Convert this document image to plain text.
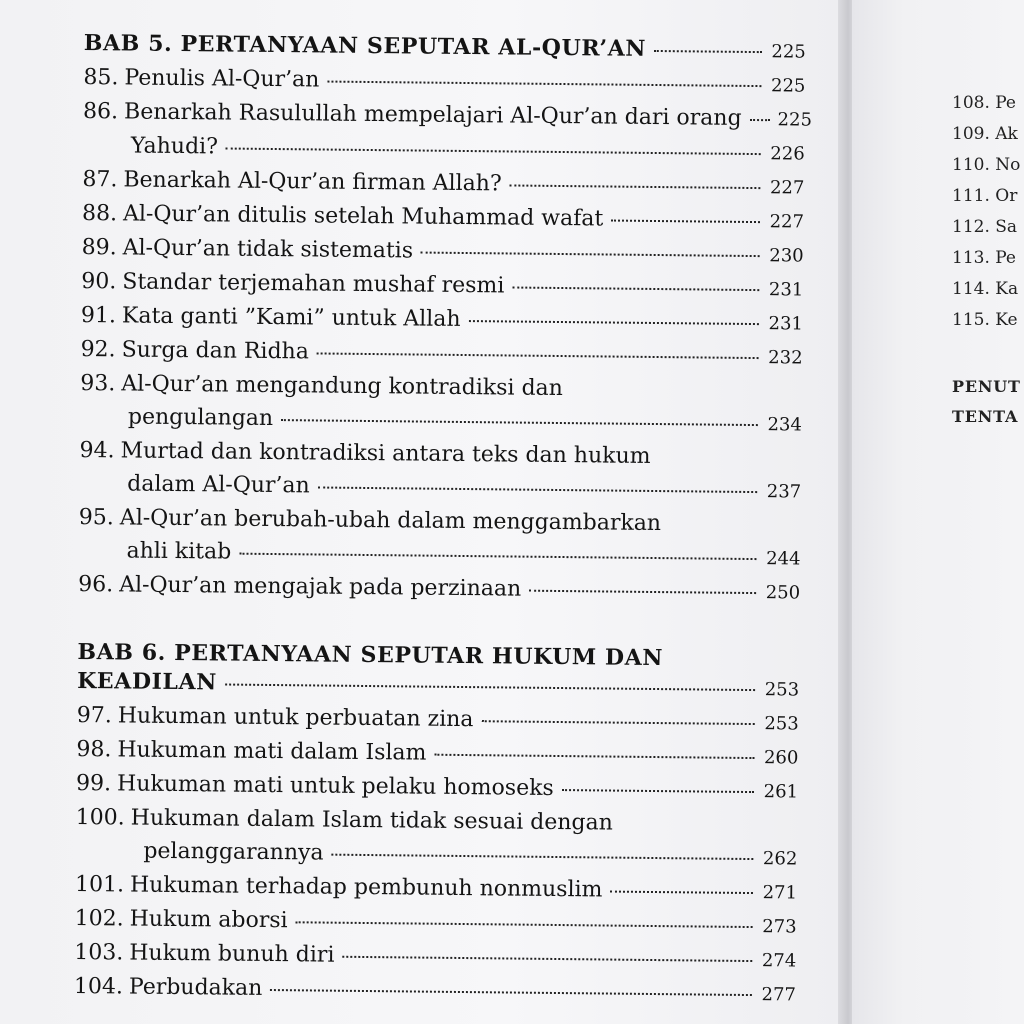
BAB 5. PERTANYAAN SEPUTAR AL-QUR’AN	225
85. Penulis Al-Qur’an	225
86. Benarkah Rasulullah mempelajari Al-Qur’an dari orang 225
Yahudi?	226
87. Benarkah Al-Qur’an firman Allah?	227
88. Al-Qur’an ditulis setelah Muhammad wafat	227
89. Al-Qur’an tidak sistematis	230
90. Standar terjemahan mushaf resmi	231
91. Kata ganti ”Kami” untuk Allah	231
92. Surga dan Ridha	232
93. Al-Qur’an mengandung kontradiksi dan
pengulangan	234
94. Murtad dan kontradiksi antara teks dan hukum
dalam Al-Qur’an	237
95. Al-Qur’an berubah-ubah dalam menggambarkan
ahli kitab	244
96. Al-Qur’an mengajak pada perzinaan	250
BAB 6. PERTANYAAN SEPUTAR HUKUM DAN
KEADILAN	253
97. Hukuman untuk perbuatan zina	253
98. Hukuman mati dalam Islam	260
99. Hukuman mati untuk pelaku homoseks	261
100. Hukuman dalam Islam tidak sesuai dengan
pelanggarannya	262
101. Hukuman terhadap pembunuh nonmuslim	271
102. Hukum aborsi	273
103. Hukum bunuh diri	274
104. Perbudakan	277
108. Pe
109. Ak
110. No
111. Or
112. Sa
113. Pe
114. Ka
115. Ke
PENUT
TENTA
